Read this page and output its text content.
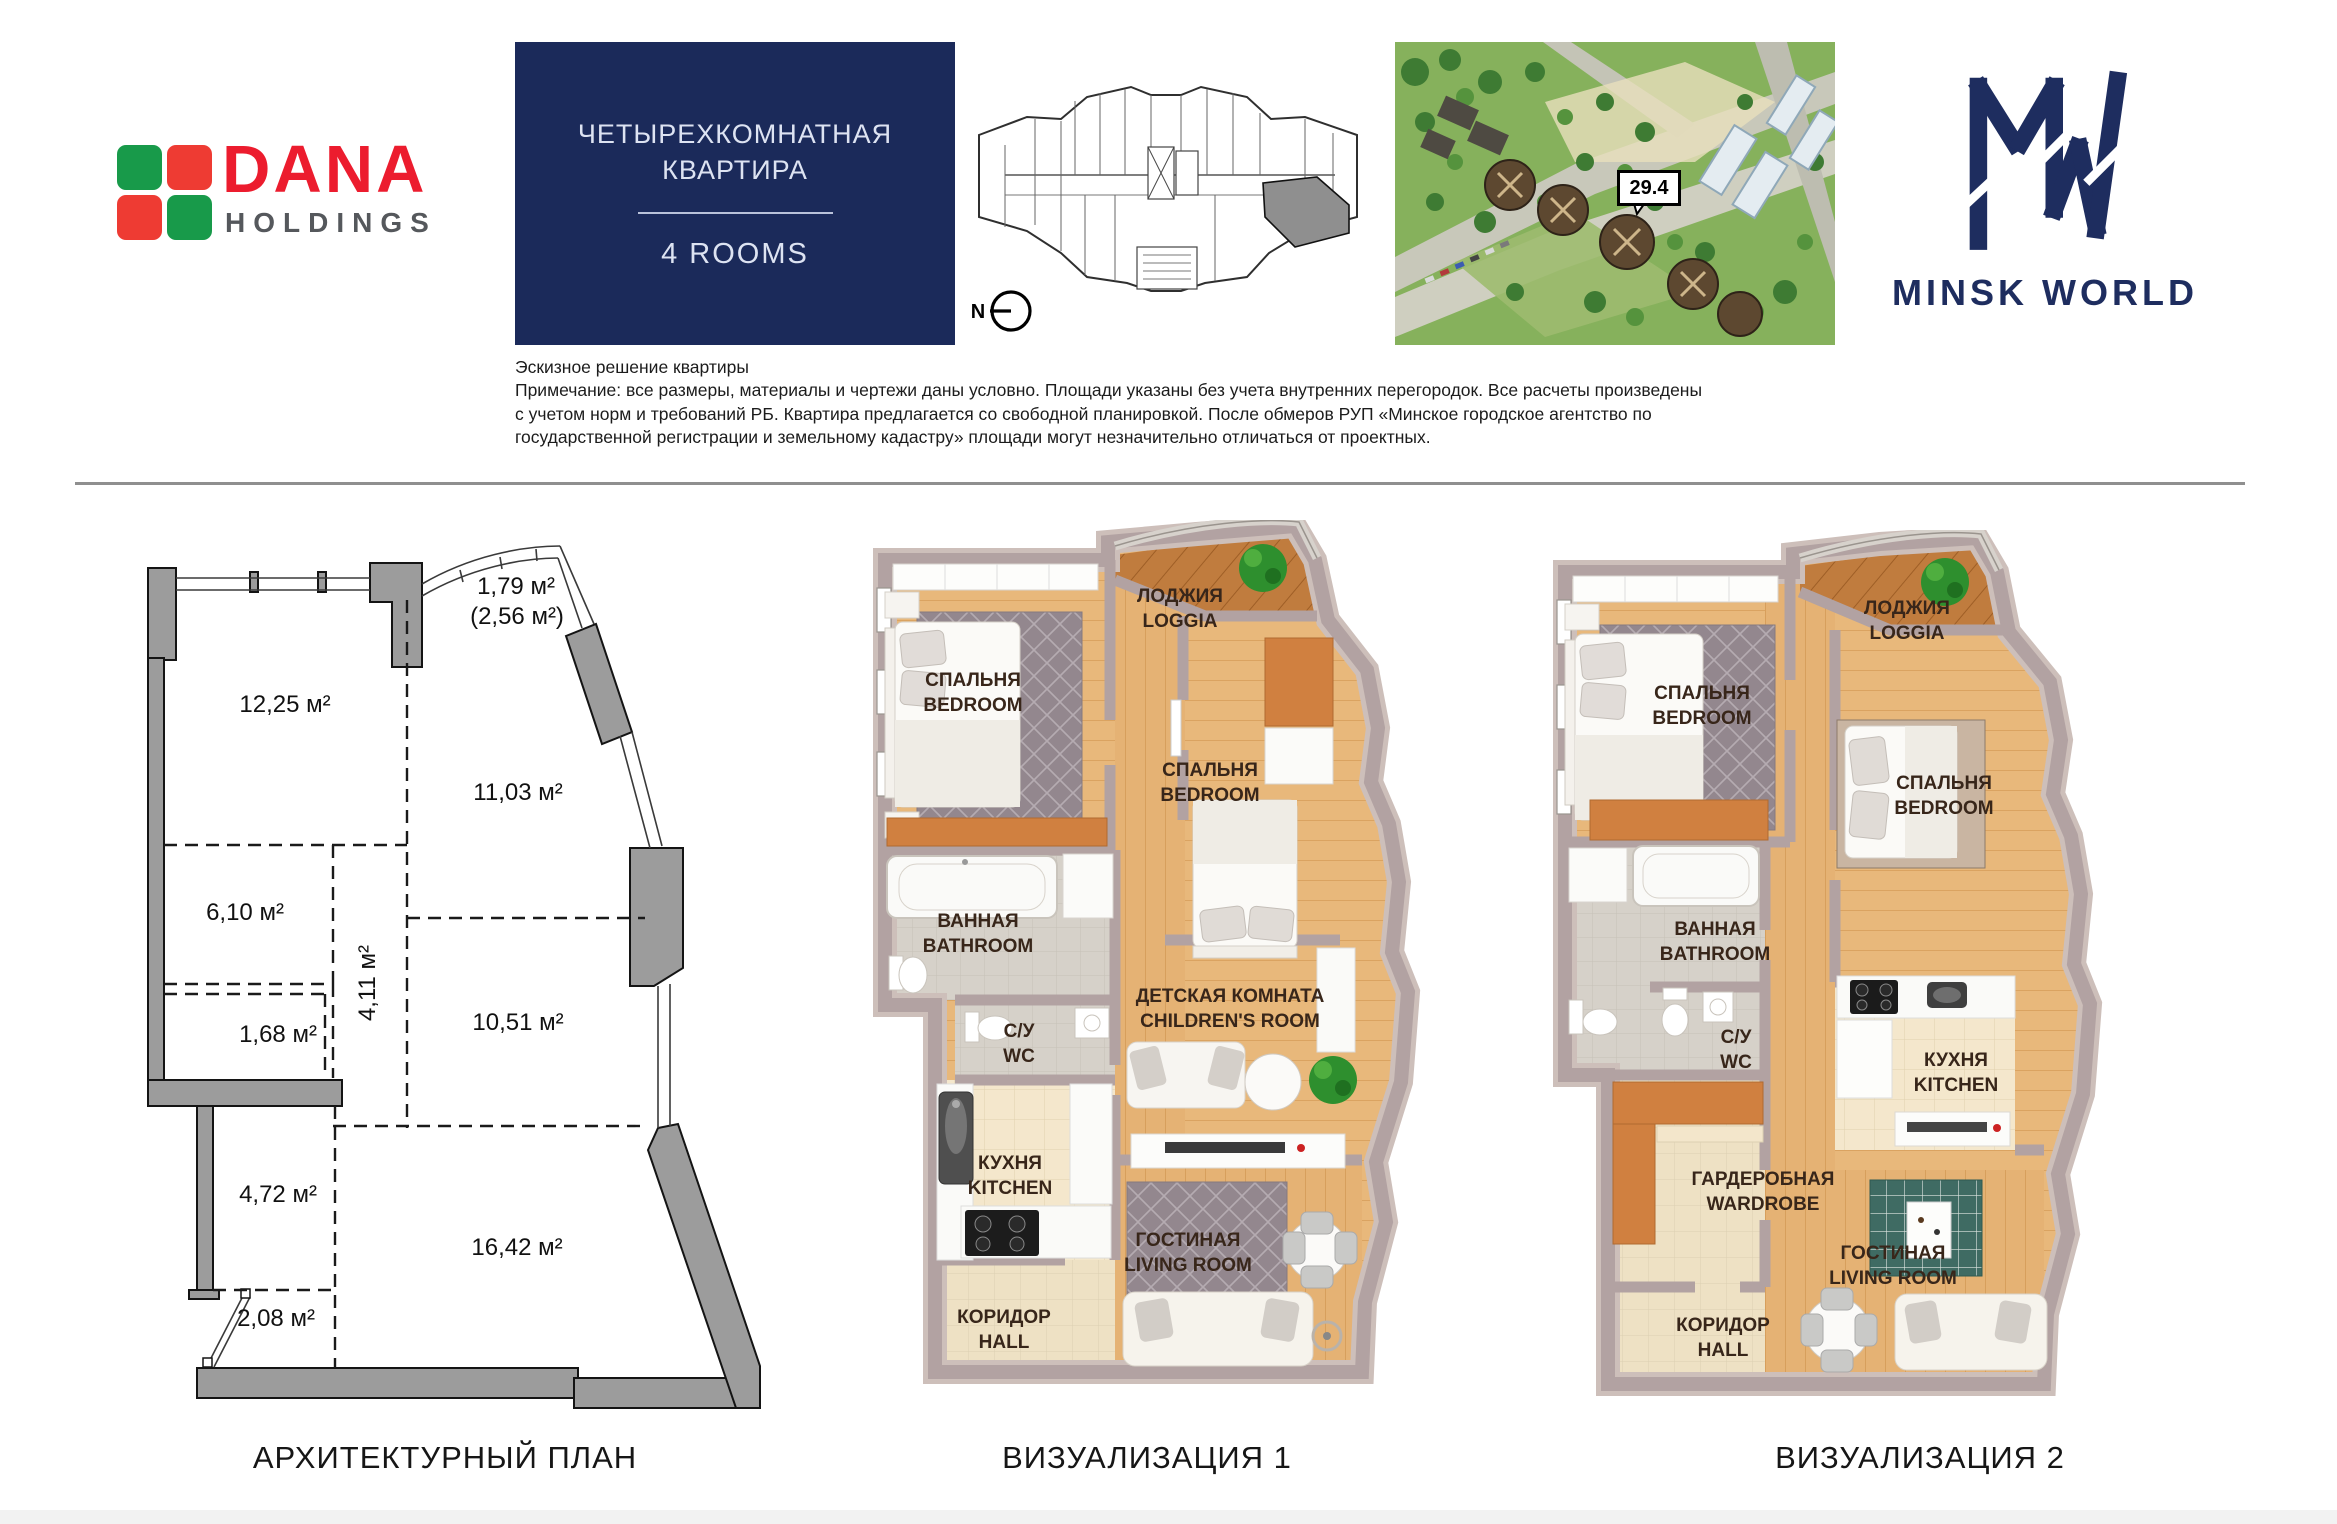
DANA
HOLDINGS
ЧЕТЫРЕХКОМНАТНАЯ
КВАРТИРА
4 ROOMS
N
29.4
MINSK WORLD
Эскизное решение квартиры
Примечание: все размеры, материалы и чертежи даны условно. Площади указаны без учета внутренних перегородок. Все расчеты произведены
с учетом норм и требований РБ. Квартира предлагается со свободной планировкой. После обмеров РУП «Минское городское агентство по
государственной регистрации и земельному кадастру» площади могут незначительно отличаться от проектных.
12,25 м²
1,79 м²
(2,56 м²)
11,03 м²
6,10 м²
4,11 м²
1,68 м²	10,51 м²
4,72 м²
16,42 м²
2,08 м²
ЛОДЖИЯ
LOGGIA
СПАЛЬНЯ
BEDROOM
СПАЛЬНЯ
BEDROOM
ВАННАЯ
BATHROOM
С/У
WC
ДЕТСКАЯ КОМНАТА
CHILDREN'S ROOM
КУХНЯ
KITCHEN
ГОСТИНАЯ
LIVING ROOM
КОРИДОР
HALL
ЛОДЖИЯ
LOGGIA
СПАЛЬНЯ
BEDROOM
СПАЛЬНЯ
BEDROOM
ВАННАЯ
BATHROOM
С/У
WC	КУХНЯ
KITCHEN
ГАРДЕРОБНАЯ
WARDROBE
ГОСТИНАЯ
LIVING ROOM
КОРИДОР
HALL
АРХИТЕКТУРНЫЙ ПЛАН	ВИЗУАЛИЗАЦИЯ 1	ВИЗУАЛИЗАЦИЯ 2
